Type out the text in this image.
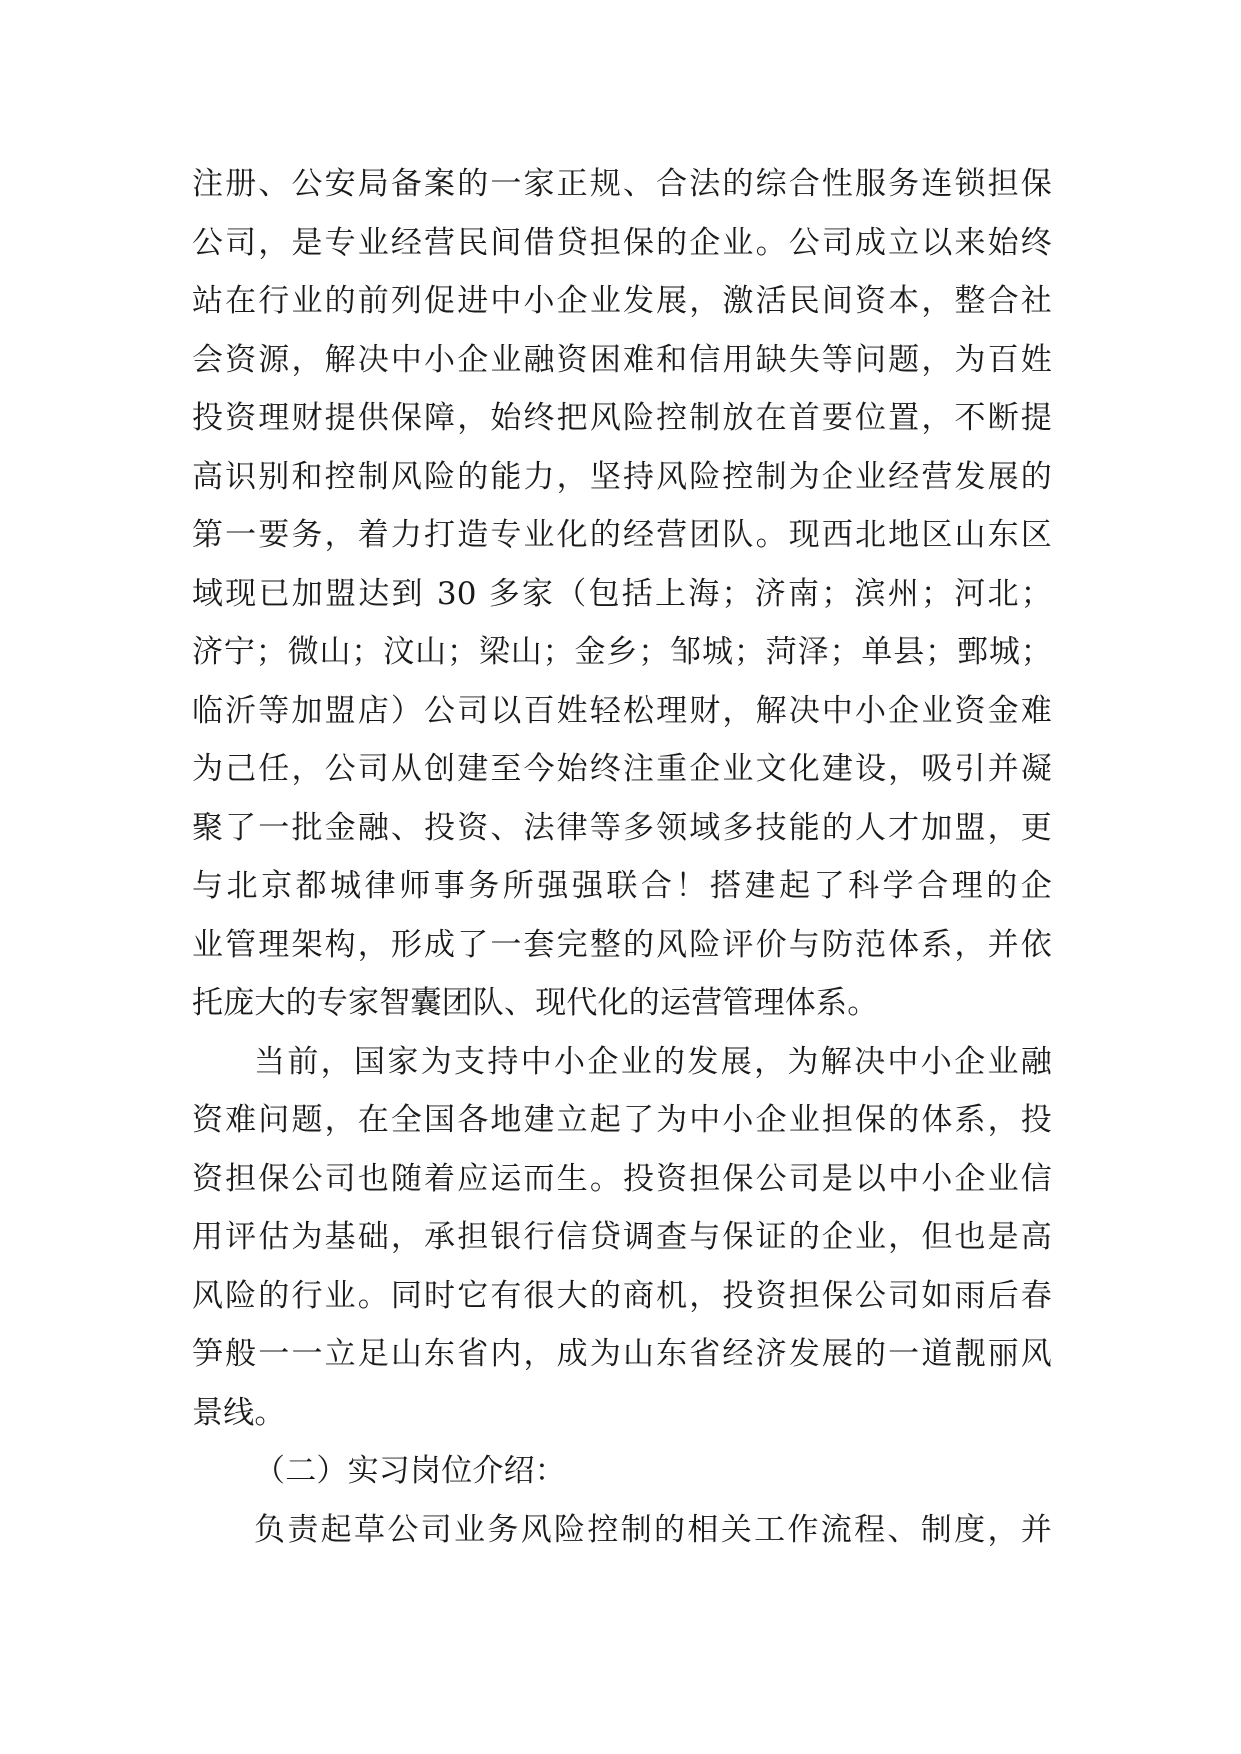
注册、公安局备案的一家正规、合法的综合性服务连锁担保
公司，是专业经营民间借贷担保的企业。公司成立以来始终
站在行业的前列促进中小企业发展，激活民间资本，整合社
会资源，解决中小企业融资困难和信用缺失等问题，为百姓
投资理财提供保障，始终把风险控制放在首要位置，不断提
高识别和控制风险的能力，坚持风险控制为企业经营发展的
第一要务，着力打造专业化的经营团队。现西北地区山东区
域现已加盟达到 30 多家（包括上海；济南；滨州；河北；
济宁；微山；汶山；梁山；金乡；邹城；菏泽；单县；鄄城；
临沂等加盟店）公司以百姓轻松理财，解决中小企业资金难
为己任，公司从创建至今始终注重企业文化建设，吸引并凝
聚了一批金融、投资、法律等多领域多技能的人才加盟，更
与北京都城律师事务所强强联合！搭建起了科学合理的企
业管理架构，形成了一套完整的风险评价与防范体系，并依
托庞大的专家智囊团队、现代化的运营管理体系。
当前，国家为支持中小企业的发展，为解决中小企业融
资难问题，在全国各地建立起了为中小企业担保的体系，投
资担保公司也随着应运而生。投资担保公司是以中小企业信
用评估为基础，承担银行信贷调查与保证的企业，但也是高
风险的行业。同时它有很大的商机，投资担保公司如雨后春
笋般一一立足山东省内，成为山东省经济发展的一道靓丽风
景线。
（二）实习岗位介绍：
负责起草公司业务风险控制的相关工作流程、制度，并
